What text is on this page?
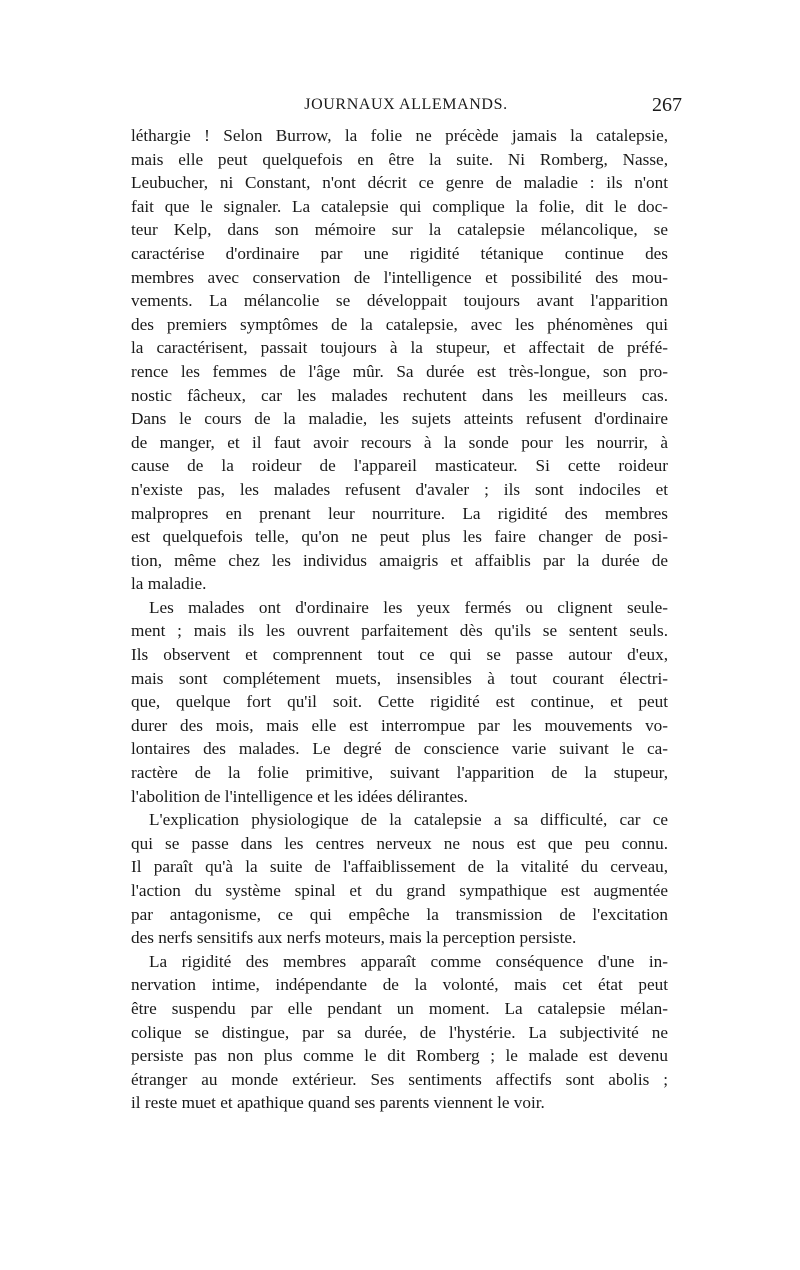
JOURNAUX ALLEMANDS.	267
léthargie ! Selon Burrow, la folie ne précède jamais la catalepsie,
mais elle peut quelquefois en être la suite. Ni Romberg, Nasse,
Leubucher, ni Constant, n'ont décrit ce genre de maladie : ils n'ont
fait que le signaler. La catalepsie qui complique la folie, dit le doc-
teur Kelp, dans son mémoire sur la catalepsie mélancolique, se
caractérise d'ordinaire par une rigidité tétanique continue des
membres avec conservation de l'intelligence et possibilité des mou-
vements. La mélancolie se développait toujours avant l'apparition
des premiers symptômes de la catalepsie, avec les phénomènes qui
la caractérisent, passait toujours à la stupeur, et affectait de préfé-
rence les femmes de l'âge mûr. Sa durée est très-longue, son pro-
nostic fâcheux, car les malades rechutent dans les meilleurs cas.
Dans le cours de la maladie, les sujets atteints refusent d'ordinaire
de manger, et il faut avoir recours à la sonde pour les nourrir, à
cause de la roideur de l'appareil masticateur. Si cette roideur
n'existe pas, les malades refusent d'avaler ; ils sont indociles et
malpropres en prenant leur nourriture. La rigidité des membres
est quelquefois telle, qu'on ne peut plus les faire changer de posi-
tion, même chez les individus amaigris et affaiblis par la durée de
la maladie.
Les malades ont d'ordinaire les yeux fermés ou clignent seule-
ment ; mais ils les ouvrent parfaitement dès qu'ils se sentent seuls.
Ils observent et comprennent tout ce qui se passe autour d'eux,
mais sont complétement muets, insensibles à tout courant électri-
que, quelque fort qu'il soit. Cette rigidité est continue, et peut
durer des mois, mais elle est interrompue par les mouvements vo-
lontaires des malades. Le degré de conscience varie suivant le ca-
ractère de la folie primitive, suivant l'apparition de la stupeur,
l'abolition de l'intelligence et les idées délirantes.
L'explication physiologique de la catalepsie a sa difficulté, car ce
qui se passe dans les centres nerveux ne nous est que peu connu.
Il paraît qu'à la suite de l'affaiblissement de la vitalité du cerveau,
l'action du système spinal et du grand sympathique est augmentée
par antagonisme, ce qui empêche la transmission de l'excitation
des nerfs sensitifs aux nerfs moteurs, mais la perception persiste.
La rigidité des membres apparaît comme conséquence d'une in-
nervation intime, indépendante de la volonté, mais cet état peut
être suspendu par elle pendant un moment. La catalepsie mélan-
colique se distingue, par sa durée, de l'hystérie. La subjectivité ne
persiste pas non plus comme le dit Romberg ; le malade est devenu
étranger au monde extérieur. Ses sentiments affectifs sont abolis ;
il reste muet et apathique quand ses parents viennent le voir.
